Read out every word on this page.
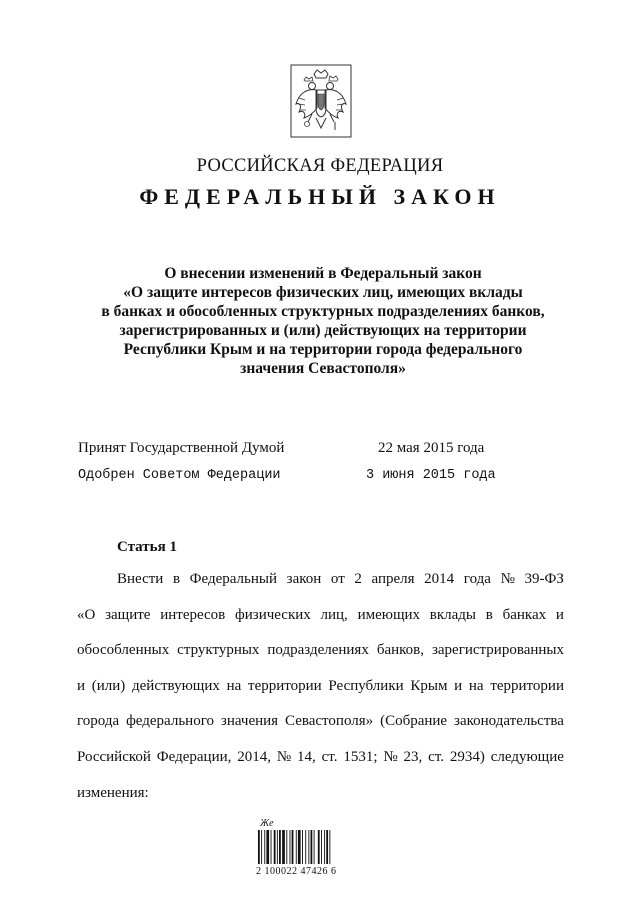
РОССИЙСКАЯ ФЕДЕРАЦИЯ
ФЕДЕРАЛЬНЫЙ ЗАКОН
О внесении изменений в Федеральный закон
«О защите интересов физических лиц, имеющих вклады
в банках и обособленных структурных подразделениях банков,
зарегистрированных и (или) действующих на территории
Республики Крым и на территории города федерального
значения Севастополя»
Принят Государственной Думой	22 мая 2015 года
Одобрен Советом Федерации	3 июня 2015 года
Статья 1
Внести в Федеральный закон от 2 апреля 2014 года № 39-ФЗ
«О защите интересов физических лиц, имеющих вклады в банках и
обособленных структурных подразделениях банков, зарегистрированных
и (или) действующих на территории Республики Крым и на территории
города федерального значения Севастополя» (Собрание законодательства
Российской Федерации, 2014, № 14, ст. 1531; № 23, ст. 2934) следующие
изменения:
Же
2 100022 47426 6
